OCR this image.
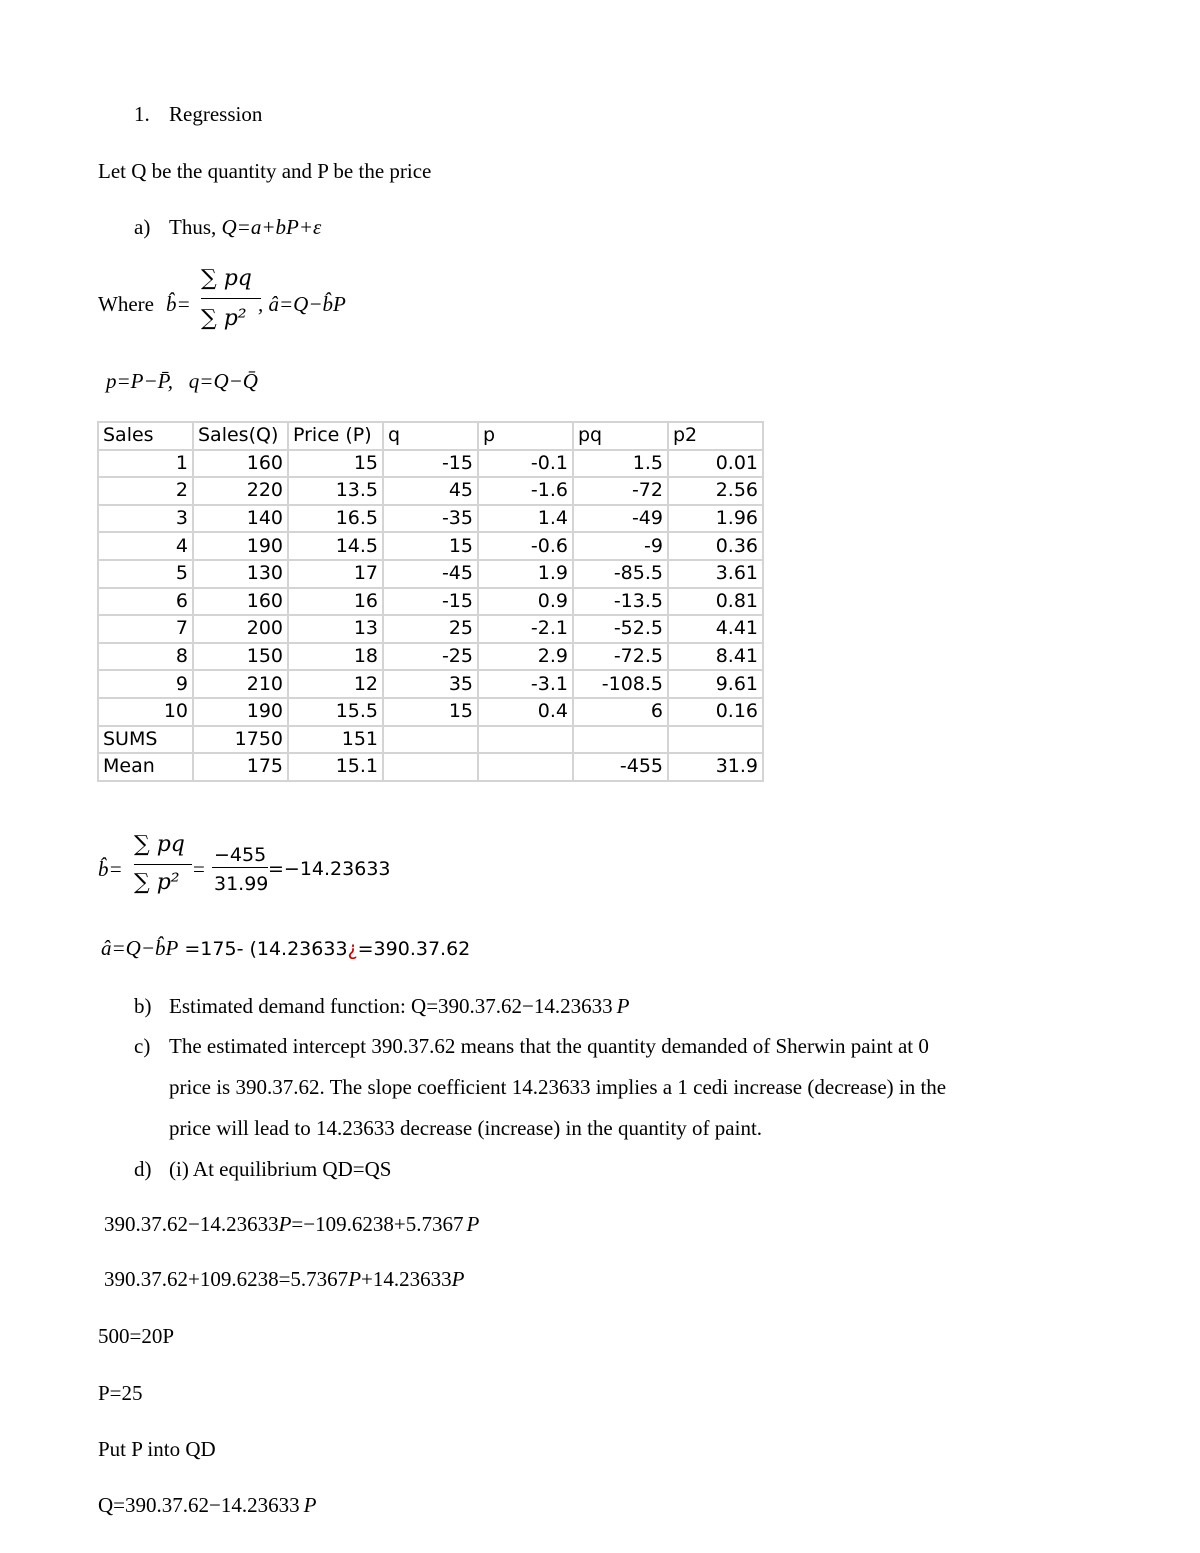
1. Regression
Let Q be the quantity and P be the price
a) Thus, Q=a+bP+ε
Where b̂=
∑ pq
∑ p²
, â=Q−b̂P
p=P−P̄,   q=Q−Q̄
Sales	Sales(Q)	Price (P)	q	p	pq	p2
1	160	15	-15	-0.1	1.5	0.01
2	220	13.5	45	-1.6	-72	2.56
3	140	16.5	-35	1.4	-49	1.96
4	190	14.5	15	-0.6	-9	0.36
5	130	17	-45	1.9	-85.5	3.61
6	160	16	-15	0.9	-13.5	0.81
7	200	13	25	-2.1	-52.5	4.41
8	150	18	-25	2.9	-72.5	8.41
9	210	12	35	-3.1	-108.5	9.61
10	190	15.5	15	0.4	6	0.16
SUMS	1750	151				
Mean	175	15.1			-455	31.9
b̂=
∑ pq
∑ p²
=
−455
31.99
=−14.23633
â=Q−b̂P =175- (14.23633¿=390.37.62
b) Estimated demand function: Q=390.37.62−14.23633 P
c) The estimated intercept 390.37.62 means that the quantity demanded of Sherwin paint at 0
price is 390.37.62. The slope coefficient 14.23633 implies a 1 cedi increase (decrease) in the
price will lead to 14.23633 decrease (increase) in the quantity of paint.
d) (i) At equilibrium QD=QS
390.37.62−14.23633P=−109.6238+5.7367 P
390.37.62+109.6238=5.7367P+14.23633P
500=20P
P=25
Put P into QD
Q=390.37.62−14.23633 P
